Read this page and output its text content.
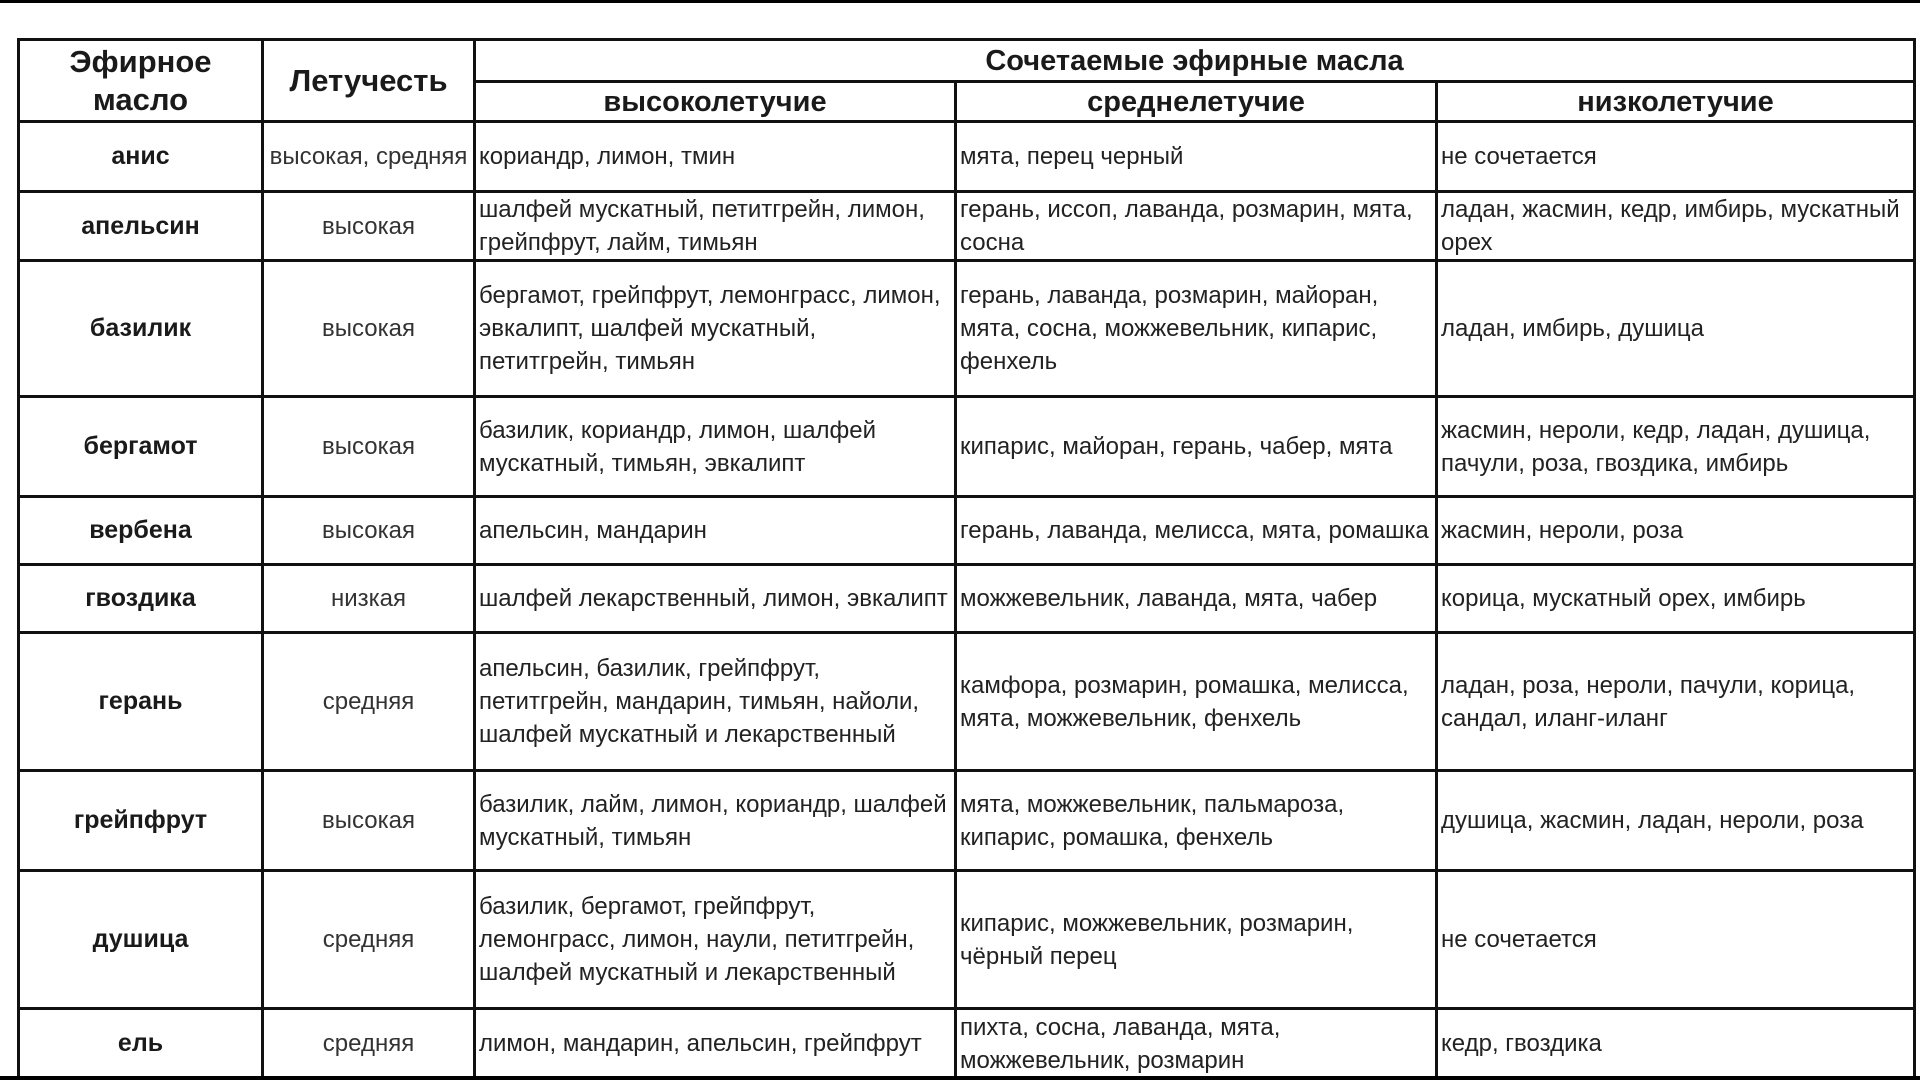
Эфирное масло	Летучесть	Сочетаемые эфирные масла		
		высоколетучие	среднелетучие	низколетучие
анис	высокая, средняя	кориандр, лимон, тмин	мята, перец черный	не сочетается
апельсин	высокая	шалфей мускатный, петитгрейн, лимон, грейпфрут, лайм, тимьян	герань, иссоп, лаванда, розмарин, мята, сосна	ладан, жасмин, кедр, имбирь, мускатный орех
базилик	высокая	бергамот, грейпфрут, лемонграсс, лимон, эвкалипт, шалфей мускатный, петитгрейн, тимьян	герань, лаванда, розмарин, майоран, мята, сосна, можжевельник, кипарис, фенхель	ладан, имбирь, душица
бергамот	высокая	базилик, кориандр, лимон, шалфей мускатный, тимьян, эвкалипт	кипарис, майоран, герань, чабер, мята	жасмин, нероли, кедр, ладан, душица, пачули, роза, гвоздика, имбирь
вербена	высокая	апельсин, мандарин	герань, лаванда, мелисса, мята, ромашка	жасмин, нероли, роза
гвоздика	низкая	шалфей лекарственный, лимон, эвкалипт	можжевельник, лаванда, мята, чабер	корица, мускатный орех, имбирь
герань	средняя	апельсин, базилик, грейпфрут, петитгрейн, мандарин, тимьян, найоли, шалфей мускатный и лекарственный	камфора, розмарин, ромашка, мелисса, мята, можжевельник, фенхель	ладан, роза, нероли, пачули, корица, сандал, иланг-иланг
грейпфрут	высокая	базилик, лайм, лимон, кориандр, шалфей мускатный, тимьян	мята, можжевельник, пальмароза, кипарис, ромашка, фенхель	душица, жасмин, ладан, нероли, роза
душица	средняя	базилик, бергамот, грейпфрут, лемонграсс, лимон, наули, петитгрейн, шалфей мускатный и лекарственный	кипарис, можжевельник, розмарин, чёрный перец	не сочетается
ель	средняя	лимон, мандарин, апельсин, грейпфрут	пихта, сосна, лаванда, мята, можжевельник, розмарин	кедр, гвоздика
